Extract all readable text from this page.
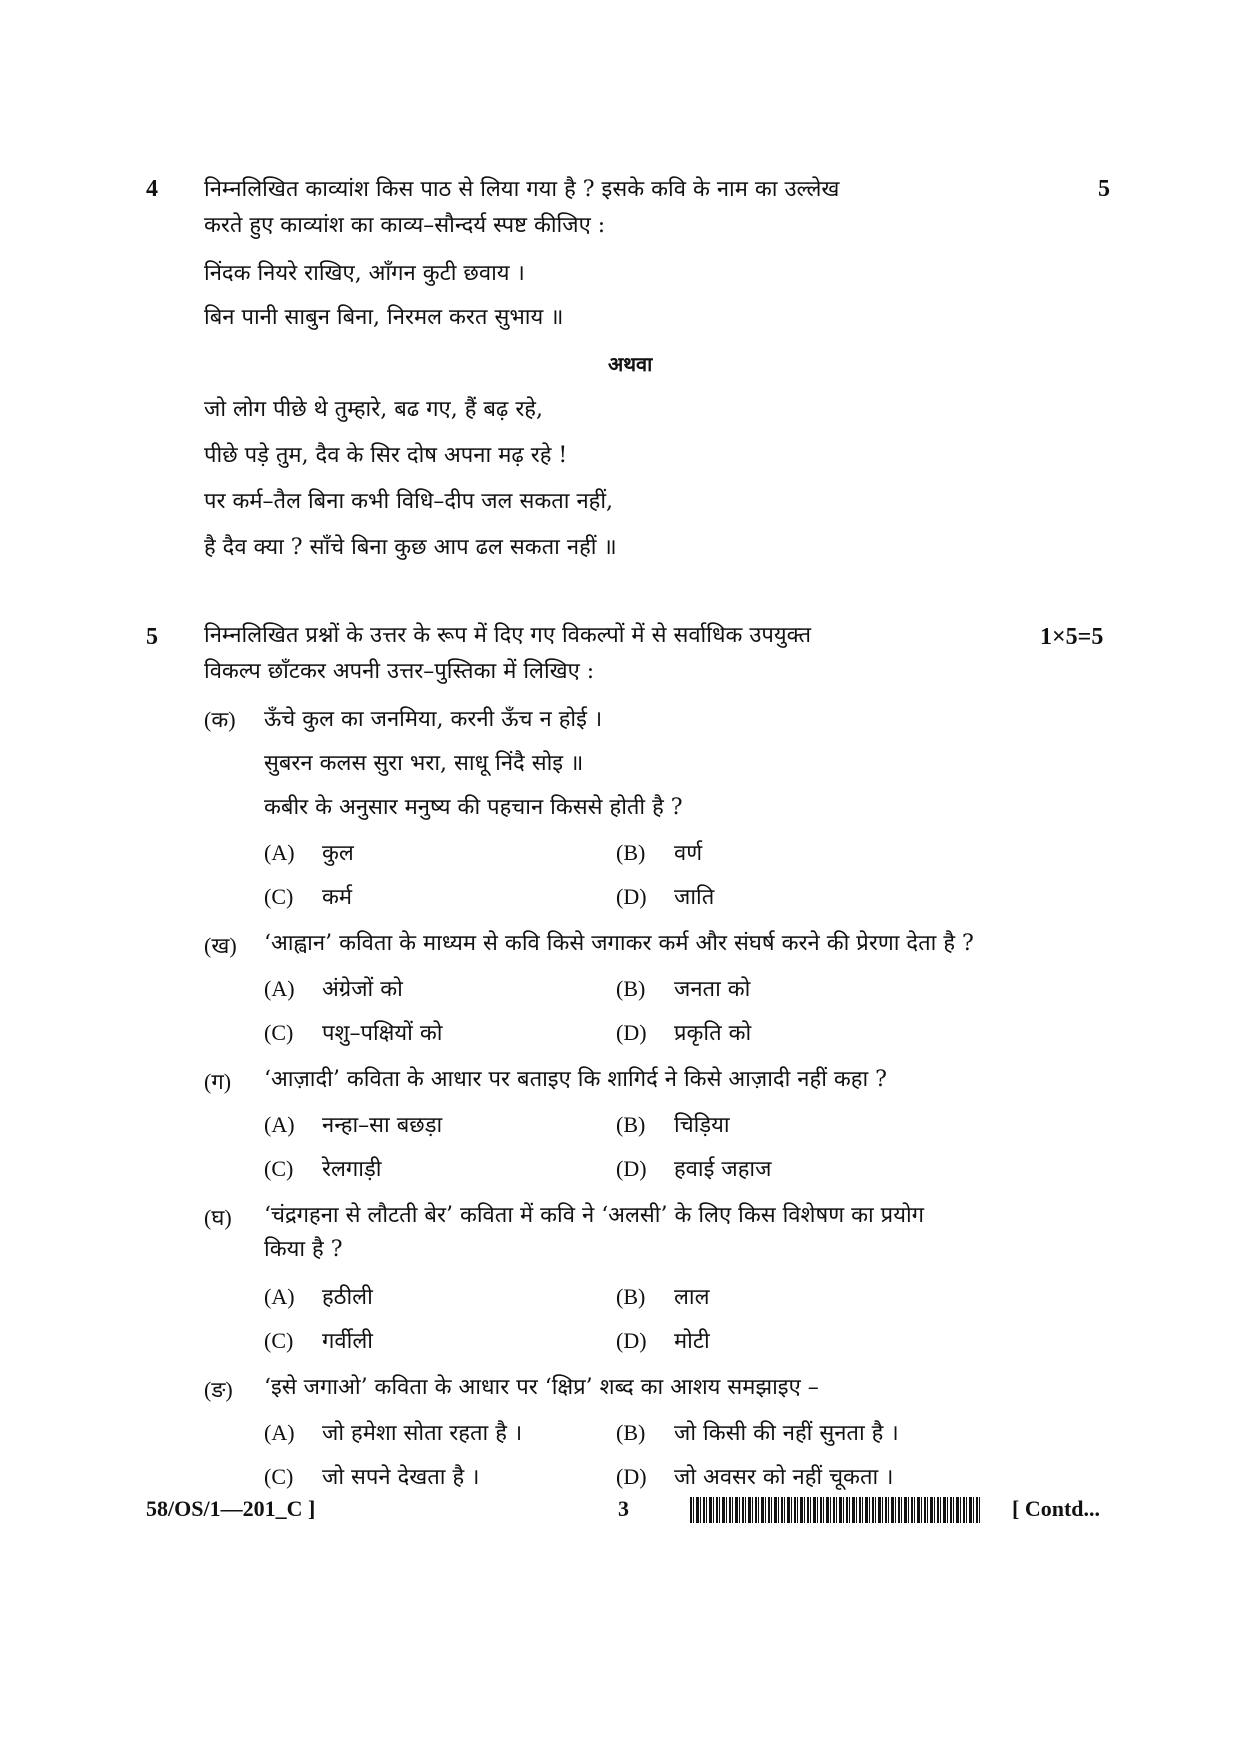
4	5
निम्नलिखित काव्यांश किस पाठ से लिया गया है ? इसके कवि के नाम का उल्लेख
करते हुए काव्यांश का काव्य–सौन्दर्य स्पष्ट कीजिए :
निंदक नियरे राखिए, आँगन कुटी छवाय ।
बिन पानी साबुन बिना, निरमल करत सुभाय ॥
अथवा
जो लोग पीछे थे तुम्हारे, बढ गए, हैं बढ़ रहे,
पीछे पड़े तुम, दैव के सिर दोष अपना मढ़ रहे !
पर कर्म–तैल बिना कभी विधि–दीप जल सकता नहीं,
है दैव क्या ? साँचे बिना कुछ आप ढल सकता नहीं ॥
5	1×5=5
निम्नलिखित प्रश्नों के उत्तर के रूप में दिए गए विकल्पों में से सर्वाधिक उपयुक्त
विकल्प छाँटकर अपनी उत्तर–पुस्तिका में लिखिए :
(क) ऊँचे कुल का जनमिया, करनी ऊँच न होई ।
सुबरन कलस सुरा भरा, साधू निंदै सोइ ॥
कबीर के अनुसार मनुष्य की पहचान किससे होती है ?
(A) कुल	(B) वर्ण
(C) कर्म	(D) जाति
(ख) ‘आह्वान’ कविता के माध्यम से कवि किसे जगाकर कर्म और संघर्ष करने की प्रेरणा देता है ?
(A) अंग्रेजों को	(B) जनता को
(C) पशु–पक्षियों को	(D) प्रकृति को
(ग) ‘आज़ादी’ कविता के आधार पर बताइए कि शागिर्द ने किसे आज़ादी नहीं कहा ?
(A) नन्हा–सा बछड़ा	(B) चिड़िया
(C) रेलगाड़ी	(D) हवाई जहाज
(घ) ‘चंद्रगहना से लौटती बेर’ कविता में कवि ने ‘अलसी’ के लिए किस विशेषण का प्रयोग
किया है ?
(A) हठीली	(B) लाल
(C) गर्वीली	(D) मोटी
(ङ) ‘इसे जगाओ’ कविता के आधार पर ‘क्षिप्र’ शब्द का आशय समझाइए –
(A) जो हमेशा सोता रहता है ।	(B) जो किसी की नहीं सुनता है ।
(C) जो सपने देखता है ।	(D) जो अवसर को नहीं चूकता ।
58/OS/1—201_C ]	3	[ Contd...
